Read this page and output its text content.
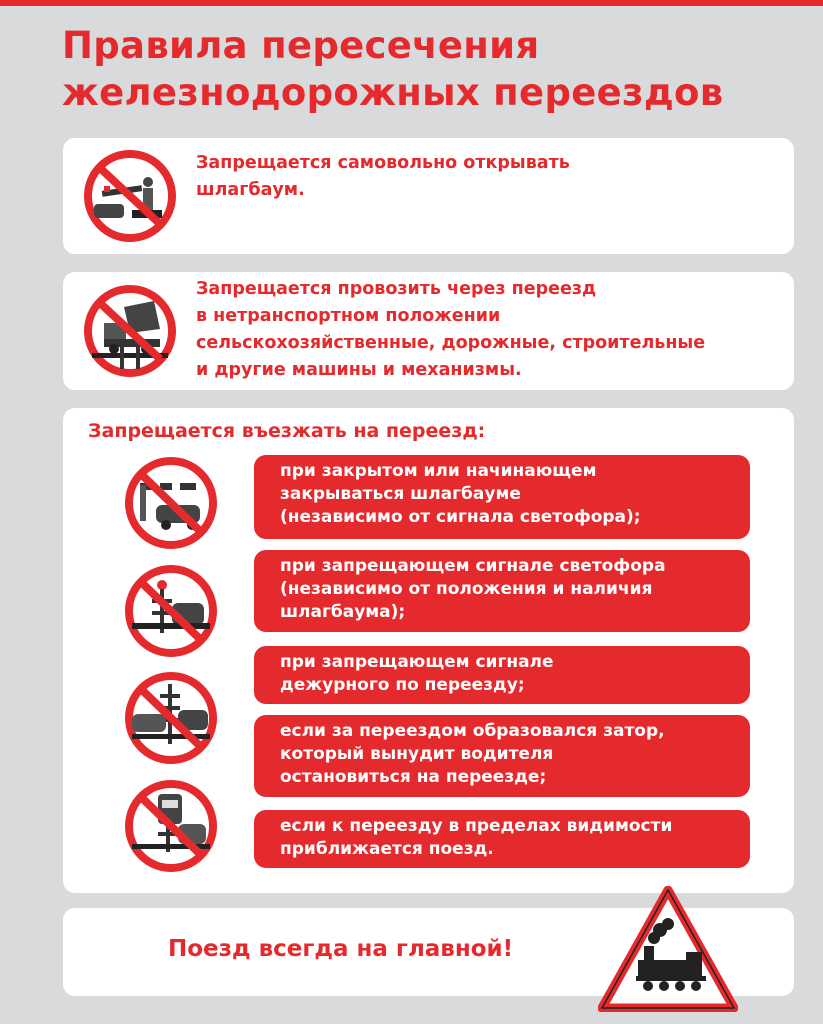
Правила пересечения
железнодорожных переездов
Запрещается самовольно открывать
шлагбаум.
Запрещается провозить через переезд
в нетранспортном положении
сельскохозяйственные, дорожные, строительные
и другие машины и механизмы.
Запрещается въезжать на переезд:
при закрытом или начинающем
закрываться шлагбауме
(независимо от сигнала светофора);
при запрещающем сигнале светофора
(независимо от положения и наличия
шлагбаума);
при запрещающем сигнале
дежурного по переезду;
если за переездом образовался затор,
который вынудит водителя
остановиться на переезде;
если к переезду в пределах видимости
приближается поезд.
Поезд всегда на главной!
